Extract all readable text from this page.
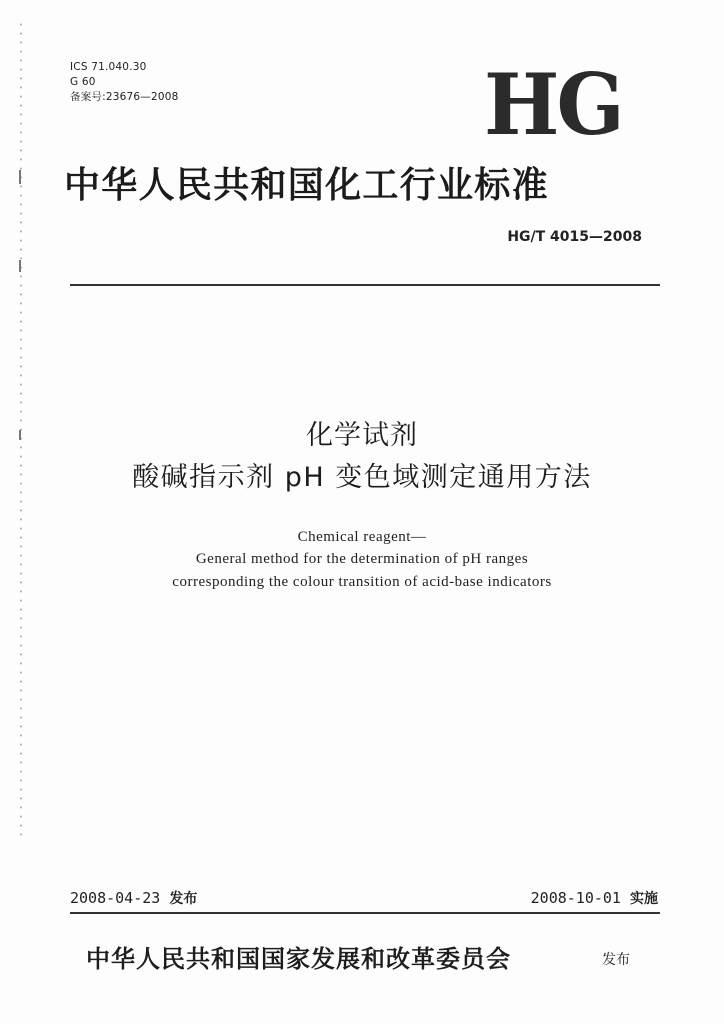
ICS 71.040.30
G 60
备案号:23676—2008	HG
中华人民共和国化工行业标准
HG/T 4015—2008
化学试剂
酸碱指示剂 pH 变色域测定通用方法
Chemical reagent—
General method for the determination of pH ranges
corresponding the colour transition of acid-base indicators
2008-04-23 发布	2008-10-01 实施
中华人民共和国国家发展和改革委员会	发布
